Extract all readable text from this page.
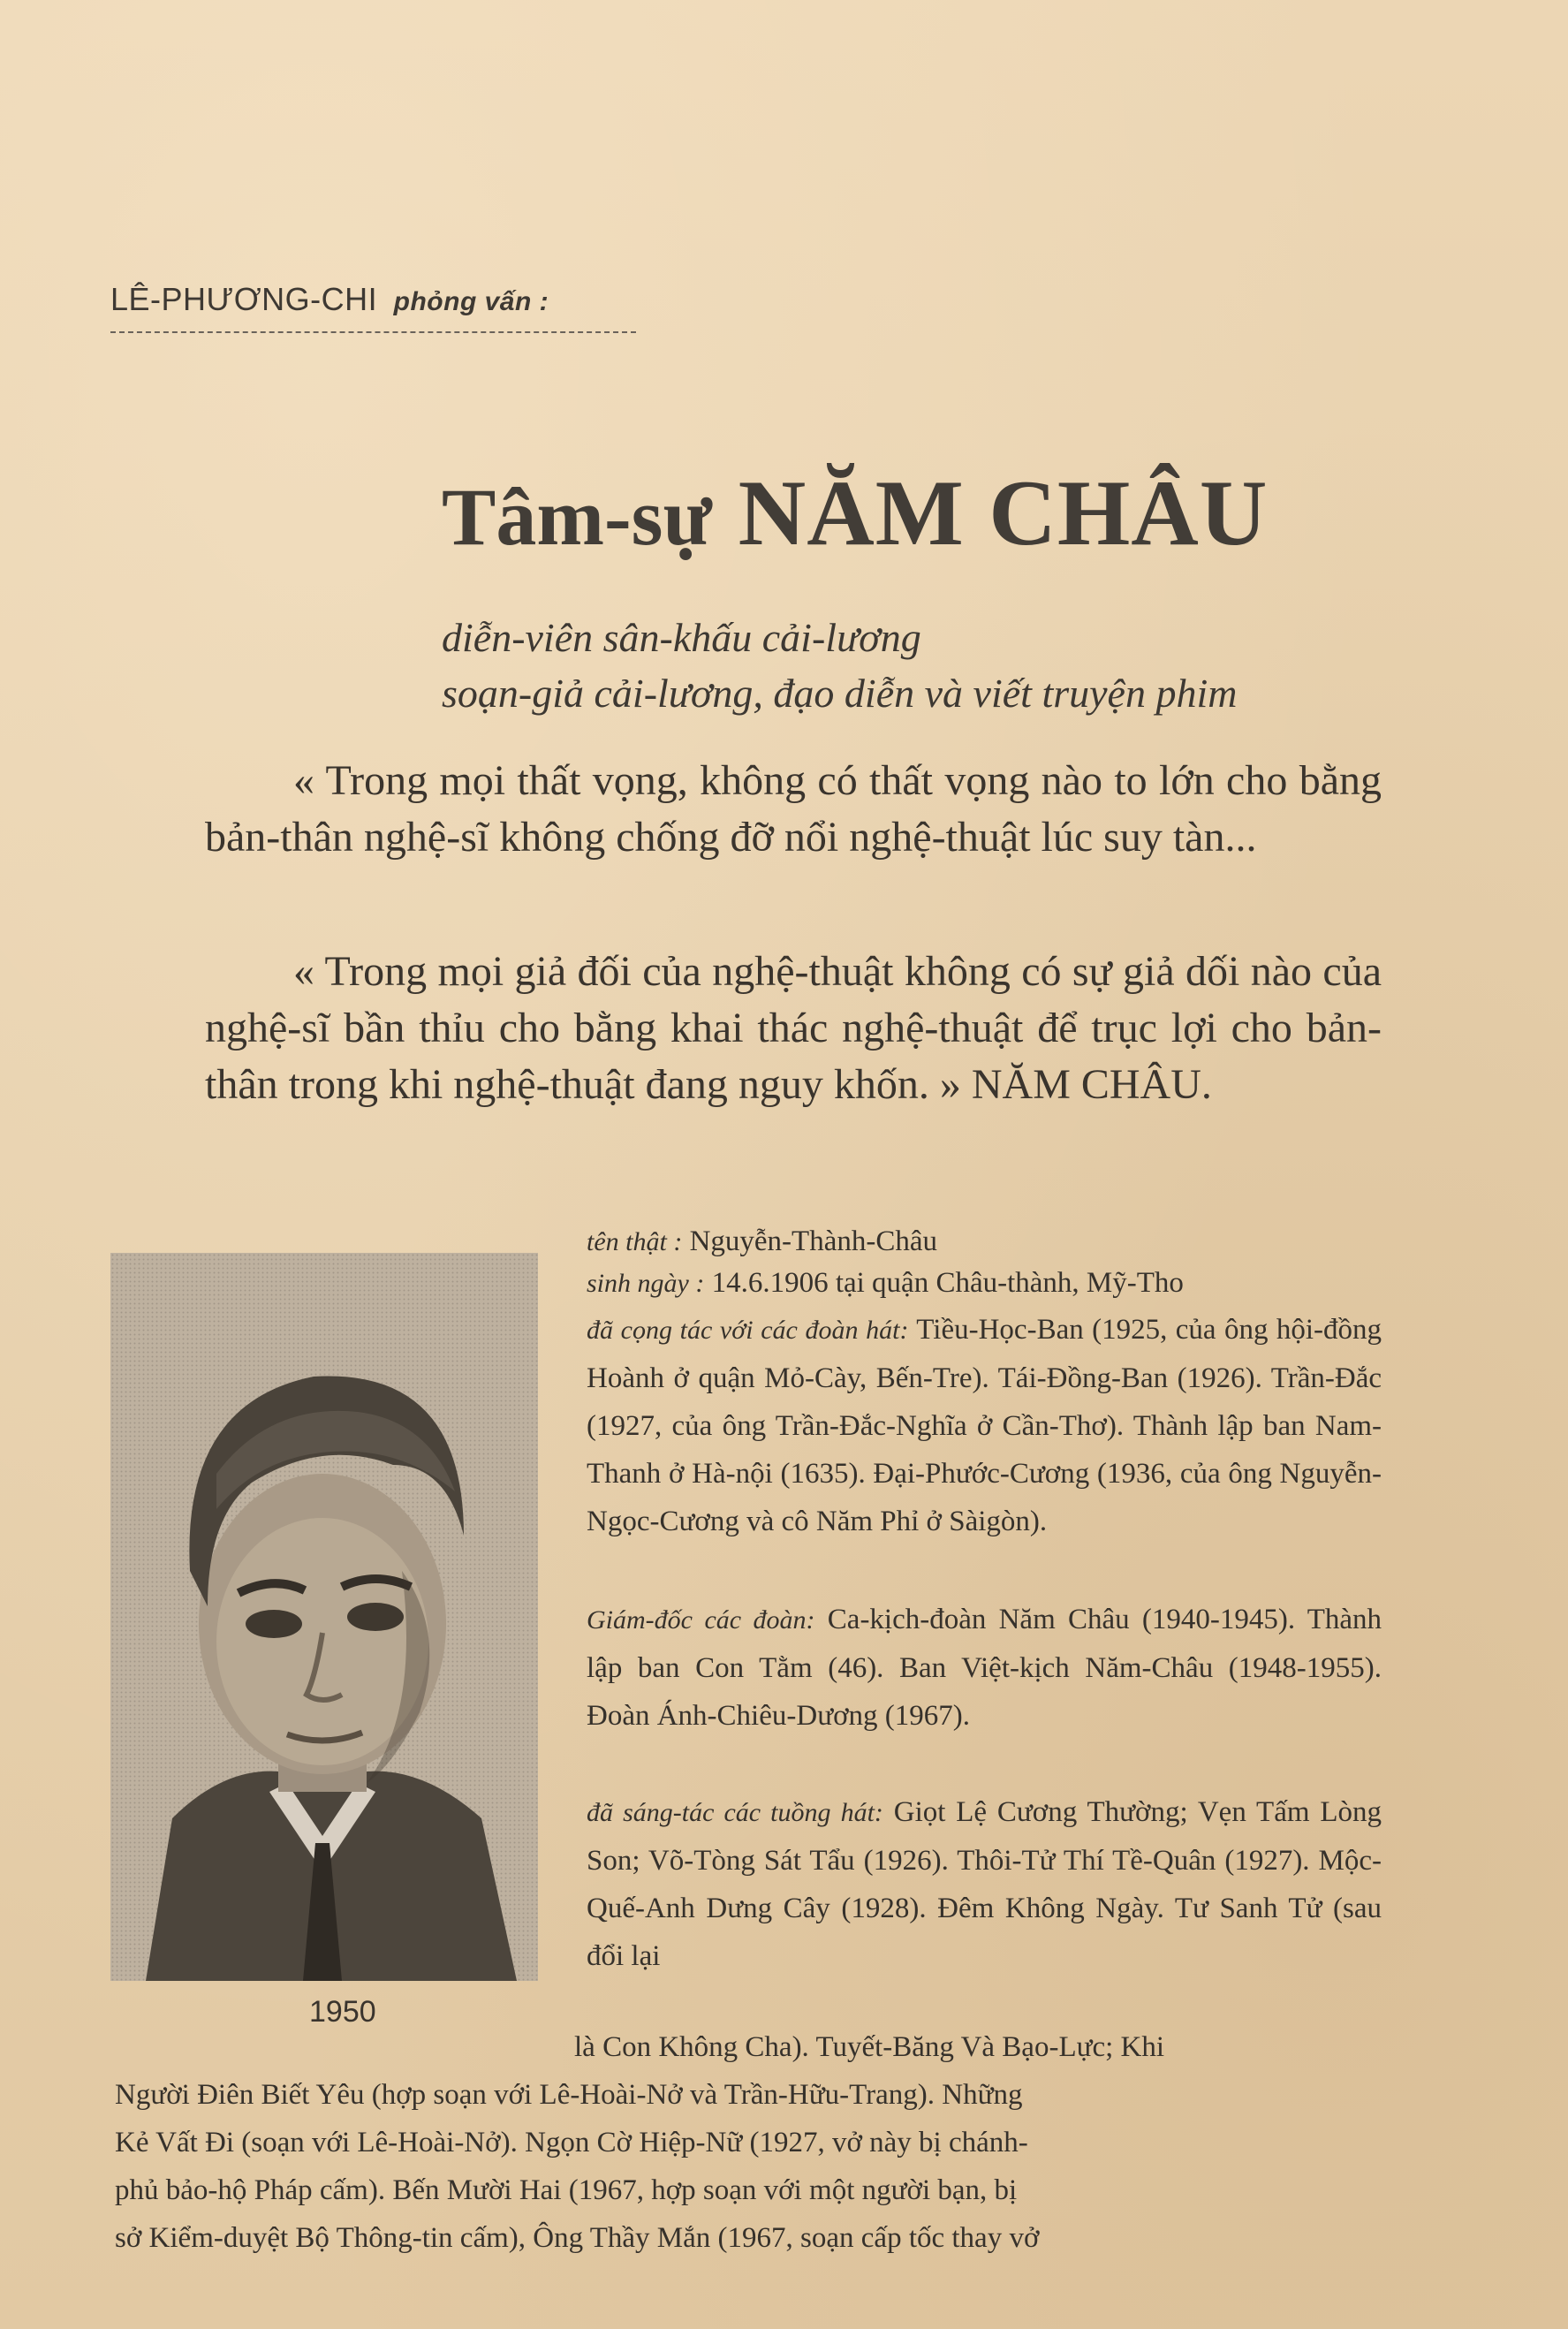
LÊ-PHƯƠNG-CHI phỏng vấn :
Tâm-sự NĂM CHÂU
diễn-viên sân-khấu cải-lương
soạn-giả cải-lương, đạo diễn và viết truyện phim

« Trong mọi thất vọng, không có thất vọng nào to lớn cho bằng bản-thân nghệ-sĩ không chống đỡ nổi nghệ-thuật lúc suy tàn...

« Trong mọi giả đối của nghệ-thuật không có sự giả dối nào của nghệ-sĩ bần thỉu cho bằng khai thác nghệ-thuật để trục lợi cho bản-thân trong khi nghệ-thuật đang nguy khốn. » NĂM CHÂU.

1950
tên thật : Nguyễn-Thành-Châu
sinh ngày : 14.6.1906 tại quận Châu-thành, Mỹ-Tho
đã cọng tác với các đoàn hát: Tiều-Học-Ban (1925, của ông hội-đồng Hoành ở quận Mỏ-Cày, Bến-Tre). Tái-Đồng-Ban (1926). Trần-Đắc (1927, của ông Trần-Đắc-Nghĩa ở Cần-Thơ). Thành lập ban Nam-Thanh ở Hà-nội (1635). Đại-Phước-Cương (1936, của ông Nguyễn-Ngọc-Cương và cô Năm Phỉ ở Sàigòn).
Giám-đốc các đoàn: Ca-kịch-đoàn Năm Châu (1940-1945). Thành lập ban Con Tằm (46). Ban Việt-kịch Năm-Châu (1948-1955). Đoàn Ánh-Chiêu-Dương (1967).
đã sáng-tác các tuồng hát: Giọt Lệ Cương Thường; Vẹn Tấm Lòng Son; Võ-Tòng Sát Tẩu (1926). Thôi-Tử Thí Tề-Quân (1927). Mộc-Quế-Anh Dưng Cây (1928). Đêm Không Ngày. Tư Sanh Tử (sau đổi lại
là Con Không Cha). Tuyết-Băng Và Bạo-Lực; Khi
Người Điên Biết Yêu (hợp soạn với Lê-Hoài-Nở và Trần-Hữu-Trang). Những
Kẻ Vất Đi (soạn với Lê-Hoài-Nở). Ngọn Cờ Hiệp-Nữ (1927, vở này bị chánh-
phủ bảo-hộ Pháp cấm). Bến Mười Hai (1967, hợp soạn với một người bạn, bị
sở Kiểm-duyệt Bộ Thông-tin cấm), Ông Thầy Mắn (1967, soạn cấp tốc thay vở
